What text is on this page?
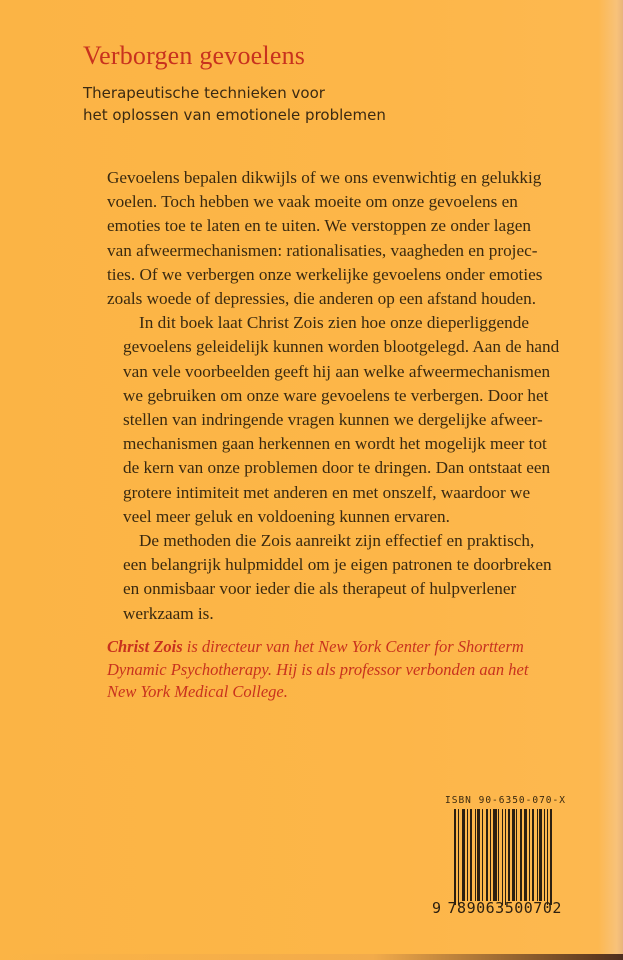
Verborgen gevoelens
Therapeutische technieken voor
het oplossen van emotionele problemen

Gevoelens bepalen dikwijls of we ons evenwichtig en gelukkig
voelen. Toch hebben we vaak moeite om onze gevoelens en
emoties toe te laten en te uiten. We verstoppen ze onder lagen
van afweermechanismen: rationalisaties, vaagheden en projec-
ties. Of we verbergen onze werkelijke gevoelens onder emoties
zoals woede of depressies, die anderen op een afstand houden.

In dit boek laat Christ Zois zien hoe onze dieperliggende
gevoelens geleidelijk kunnen worden blootgelegd. Aan de hand
van vele voorbeelden geeft hij aan welke afweermechanismen
we gebruiken om onze ware gevoelens te verbergen. Door het
stellen van indringende vragen kunnen we dergelijke afweer-
mechanismen gaan herkennen en wordt het mogelijk meer tot
de kern van onze problemen door te dringen. Dan ontstaat een
grotere intimiteit met anderen en met onszelf, waardoor we
veel meer geluk en voldoening kunnen ervaren.

De methoden die Zois aanreikt zijn effectief en praktisch,
een belangrijk hulpmiddel om je eigen patronen te doorbreken
en onmisbaar voor ieder die als therapeut of hulpverlener
werkzaam is.

Christ Zois is directeur van het New York Center for Shortterm
Dynamic Psychotherapy. Hij is als professor verbonden aan het
New York Medical College.
ISBN 90-6350-070-X
9 789063500702
